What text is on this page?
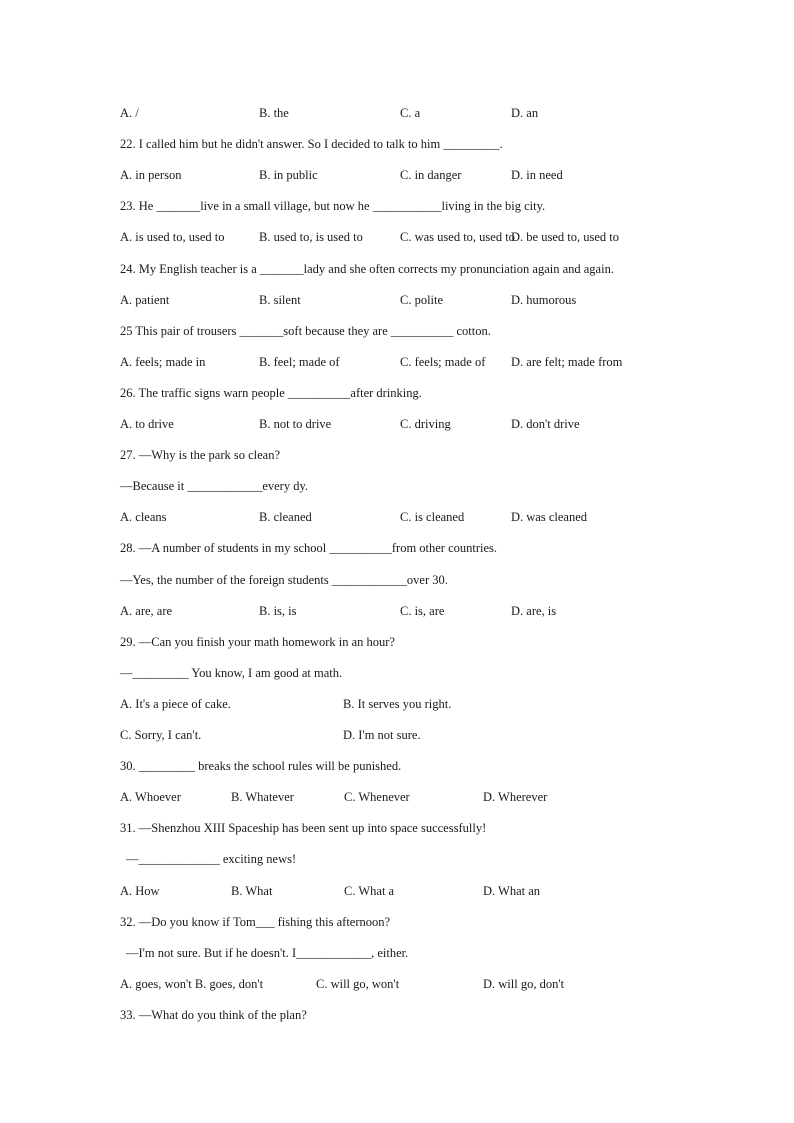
A. /	B. the	C. a	D. an
22. I called him but he didn't answer. So I decided to talk to him _________.
A. in person	B. in public	C. in danger	D. in need
23. He _______live in a small village, but now he ___________living in the big city.
A. is used to, used to	B. used to, is used to	C. was used to, used to
D. be used to, used to
24. My English teacher is a _______lady and she often corrects my pronunciation again and again.
A. patient	B. silent	C. polite	D. humorous
25 This pair of trousers _______soft because they are __________ cotton.
A. feels; made in	B. feel; made of	C. feels; made of D. are felt; made from
26. The traffic signs warn people __________after drinking.
A. to drive	B. not to drive	C. driving	D. don't drive
27. —Why is the park so clean?
—Because it ____________every dy.
A. cleans	B. cleaned	C. is cleaned	D. was cleaned
28. —A number of students in my school __________from other countries.
—Yes, the number of the foreign students ____________over 30.
A. are, are	B. is, is	C. is, are	D. are, is
29. —Can you finish your math homework in an hour?
—_________ You know, I am good at math.
A. It's a piece of cake.	B. It serves you right.
C. Sorry, I can't.	D. I'm not sure.
30. _________ breaks the school rules will be punished.
A. Whoever	B. Whatever	C. Whenever	D. Wherever
31. —Shenzhou XIII Spaceship has been sent up into space successfully!
—_____________ exciting news!
A. How	B. What	C. What a	D. What an
32. —Do you know if Tom___ fishing this afternoon?
—I'm not sure. But if he doesn't. I____________, either.
A. goes, won't B. goes, don't	C. will go, won't	D. will go, don't
33. —What do you think of the plan?
